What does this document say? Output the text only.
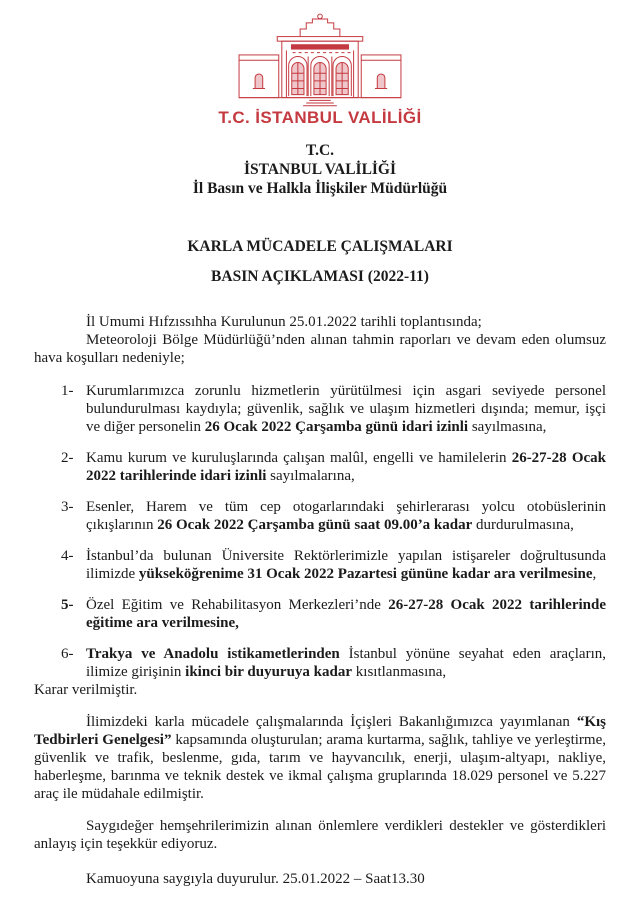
T.C. İSTANBUL VALİLİĞİ
T.C.
İSTANBUL VALİLİĞİ
İl Basın ve Halkla İlişkiler Müdürlüğü
KARLA MÜCADELE ÇALIŞMALARI
BASIN AÇIKLAMASI (2022-11)

İl Umumi Hıfzıssıhha Kurulunun 25.01.2022 tarihli toplantısında;

Meteoroloji Bölge Müdürlüğü’nden alınan tahmin raporları ve devam eden olumsuz hava koşulları nedeniyle;

1- Kurumlarımızca zorunlu hizmetlerin yürütülmesi için asgari seviyede personel bulundurulması kaydıyla; güvenlik, sağlık ve ulaşım hizmetleri dışında; memur, işçi ve diğer personelin 26 Ocak 2022 Çarşamba günü idari izinli sayılmasına,
2- Kamu kurum ve kuruluşlarında çalışan malûl, engelli ve hamilelerin 26-27-28 Ocak 2022 tarihlerinde idari izinli sayılmalarına,
3- Esenler, Harem ve tüm cep otogarlarındaki şehirlerarası yolcu otobüslerinin çıkışlarının 26 Ocak 2022 Çarşamba günü saat 09.00’a kadar durdurulmasına,
4- İstanbul’da bulunan Üniversite Rektörlerimizle yapılan istişareler doğrultusunda ilimizde yükseköğrenime 31 Ocak 2022 Pazartesi gününe kadar ara verilmesine,
5- Özel Eğitim ve Rehabilitasyon Merkezleri’nde 26-27-28 Ocak 2022 tarihlerinde eğitime ara verilmesine,
6- Trakya ve Anadolu istikametlerinden İstanbul yönüne seyahat eden araçların, ilimize girişinin ikinci bir duyuruya kadar kısıtlanmasına,

Karar verilmiştir.

İlimizdeki karla mücadele çalışmalarında İçişleri Bakanlığımızca yayımlanan “Kış Tedbirleri Genelgesi” kapsamında oluşturulan; arama kurtarma, sağlık, tahliye ve yerleştirme, güvenlik ve trafik, beslenme, gıda, tarım ve hayvancılık, enerji, ulaşım-altyapı, nakliye, haberleşme, barınma ve teknik destek ve ikmal çalışma gruplarında 18.029 personel ve 5.227 araç ile müdahale edilmiştir.

Saygıdeğer hemşehrilerimizin alınan önlemlere verdikleri destekler ve gösterdikleri anlayış için teşekkür ediyoruz.

Kamuoyuna saygıyla duyurulur. 25.01.2022 – Saat13.30
